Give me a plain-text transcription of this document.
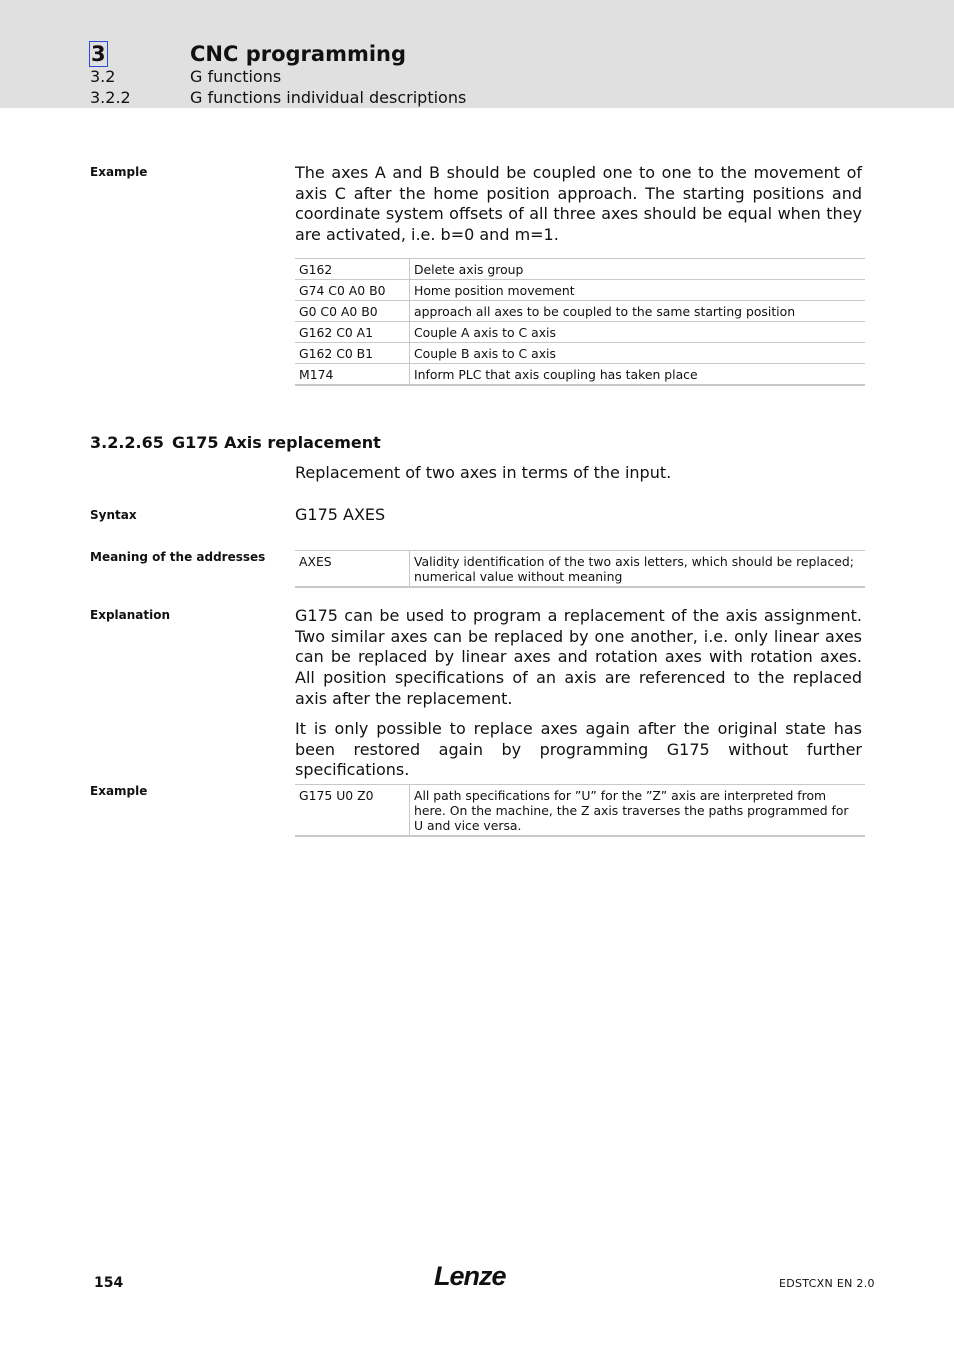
3	CNC programming
3.2	G functions
3.2.2	G functions individual descriptions
Example	The axes A and B should be coupled one to one to the movement of axis C after the home position approach. The starting positions and coordinate system offsets of all three axes should be equal when they are activated, i.e. b=0 and m=1.
G162	Delete axis group
G74 C0 A0 B0	Home position movement
G0 C0 A0 B0	approach all axes to be coupled to the same starting position
G162 C0 A1	Couple A axis to C axis
G162 C0 B1	Couple B axis to C axis
M174	Inform PLC that axis coupling has taken place
3.2.2.65 G175 Axis replacement
Replacement of two axes in terms of the input.
Syntax	G175 AXES
Meaning of the addresses	AXES	Validity identification of the two axis letters, which should be replaced; numerical value without meaning
Explanation	G175 can be used to program a replacement of the axis assignment. Two similar axes can be replaced by one another, i.e. only linear axes can be replaced by linear axes and rotation axes with rotation axes. All position specifications of an axis are referenced to the replaced axis after the replacement.
It is only possible to replace axes again after the original state has been restored again by programming G175 without further specifications.
Example	G175 U0 Z0	All path specifications for ”U” for the ”Z” axis are interpreted from here. On the machine, the Z axis traverses the paths programmed for U and vice versa.
154	Lenze	EDSTCXN EN 2.0
